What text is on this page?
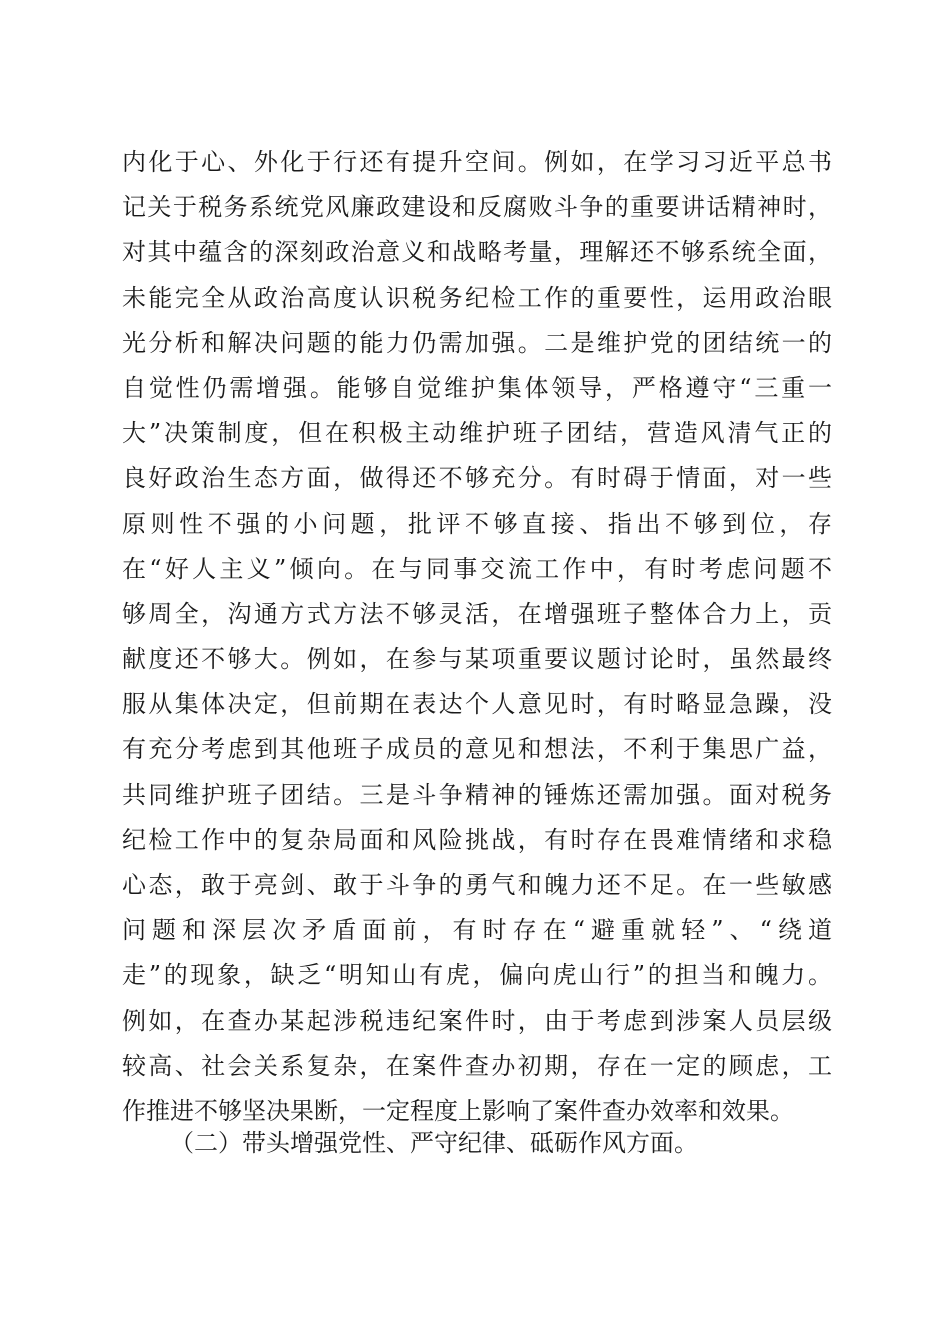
内化于心、外化于行还有提升空间。例如，在学习习近平总书
记关于税务系统党风廉政建设和反腐败斗争的重要讲话精神时，
对其中蕴含的深刻政治意义和战略考量，理解还不够系统全面，
未能完全从政治高度认识税务纪检工作的重要性，运用政治眼
光分析和解决问题的能力仍需加强。二是维护党的团结统一的
自觉性仍需增强。能够自觉维护集体领导，严格遵守“三重一
大”决策制度，但在积极主动维护班子团结，营造风清气正的
良好政治生态方面，做得还不够充分。有时碍于情面，对一些
原则性不强的小问题，批评不够直接、指出不够到位，存
在“好人主义”倾向。在与同事交流工作中，有时考虑问题不
够周全，沟通方式方法不够灵活，在增强班子整体合力上，贡
献度还不够大。例如，在参与某项重要议题讨论时，虽然最终
服从集体决定，但前期在表达个人意见时，有时略显急躁，没
有充分考虑到其他班子成员的意见和想法，不利于集思广益，
共同维护班子团结。三是斗争精神的锤炼还需加强。面对税务
纪检工作中的复杂局面和风险挑战，有时存在畏难情绪和求稳
心态，敢于亮剑、敢于斗争的勇气和魄力还不足。在一些敏感
问题和深层次矛盾面前，有时存在“避重就轻”、“绕道
走”的现象，缺乏“明知山有虎，偏向虎山行”的担当和魄力。
例如，在查办某起涉税违纪案件时，由于考虑到涉案人员层级
较高、社会关系复杂，在案件查办初期，存在一定的顾虑，工
作推进不够坚决果断，一定程度上影响了案件查办效率和效果。
（二）带头增强党性、严守纪律、砥砺作风方面。
